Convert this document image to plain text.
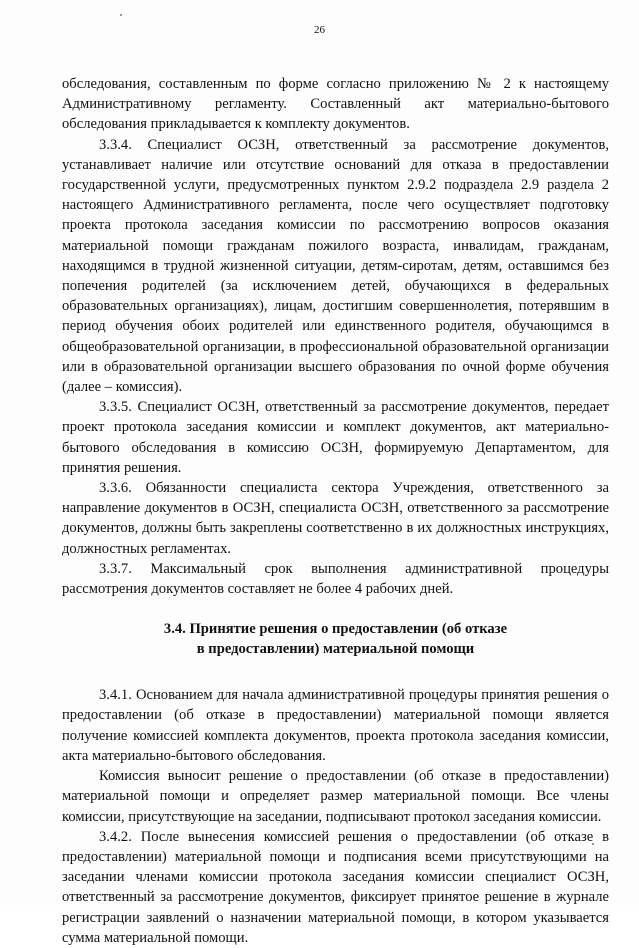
26

обследования, составленным по форме согласно приложению № 2 к настоящему Административному регламенту. Составленный акт материально-бытового обследования прикладывается к комплекту документов.

3.3.4. Специалист ОСЗН, ответственный за рассмотрение документов, устанавливает наличие или отсутствие оснований для отказа в предоставлении государственной услуги, предусмотренных пунктом 2.9.2 подраздела 2.9 раздела 2 настоящего Административного регламента, после чего осуществляет подготовку проекта протокола заседания комиссии по рассмотрению вопросов оказания материальной помощи гражданам пожилого возраста, инвалидам, гражданам, находящимся в трудной жизненной ситуации, детям-сиротам, детям, оставшимся без попечения родителей (за исключением детей, обучающихся в федеральных образовательных организациях), лицам, достигшим совершеннолетия, потерявшим в период обучения обоих родителей или единственного родителя, обучающимся в общеобразовательной организации, в профессиональной образовательной организации или в образовательной организации высшего образования по очной форме обучения (далее – комиссия).

3.3.5. Специалист ОСЗН, ответственный за рассмотрение документов, передает проект протокола заседания комиссии и комплект документов, акт материально-бытового обследования в комиссию ОСЗН, формируемую Департаментом, для принятия решения.

3.3.6. Обязанности специалиста сектора Учреждения, ответственного за направление документов в ОСЗН, специалиста ОСЗН, ответственного за рассмотрение документов, должны быть закреплены соответственно в их должностных инструкциях, должностных регламентах.

3.3.7. Максимальный срок выполнения административной процедуры рассмотрения документов составляет не более 4 рабочих дней.

3.4. Принятие решения о предоставлении (об отказе
в предоставлении) материальной помощи

3.4.1. Основанием для начала административной процедуры принятия решения о предоставлении (об отказе в предоставлении) материальной помощи является получение комиссией комплекта документов, проекта протокола заседания комиссии, акта материально-бытового обследования.

Комиссия выносит решение о предоставлении (об отказе в предоставлении) материальной помощи и определяет размер материальной помощи. Все члены комиссии, присутствующие на заседании, подписывают протокол заседания комиссии.

3.4.2. После вынесения комиссией решения о предоставлении (об отказе в предоставлении) материальной помощи и подписания всеми присутствующими на заседании членами комиссии протокола заседания комиссии специалист ОСЗН, ответственный за рассмотрение документов, фиксирует принятое решение в журнале регистрации заявлений о назначении материальной помощи, в котором указывается сумма материальной помощи.
